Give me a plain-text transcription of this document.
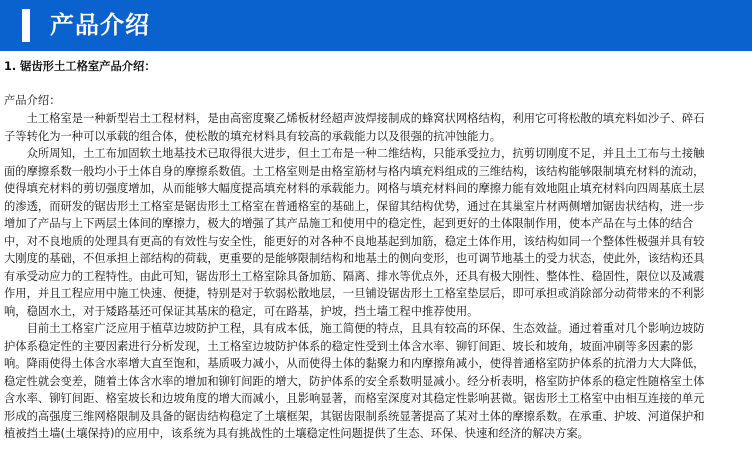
产品介绍
1. 锯齿形土工格室产品介绍：
产品介绍：
　　土工格室是一种新型岩土工程材料，是由高密度聚乙烯板材经超声波焊接制成的蜂窝状网格结构，利用它可将松散的填充料如沙子、碎石
子等转化为一种可以承载的组合体，使松散的填充材料具有较高的承载能力以及很强的抗冲蚀能力。
　　众所周知，土工布加固软土地基技术已取得很大进步，但土工布是一种二维结构，只能承受拉力，抗剪切刚度不足，并且土工布与土接触
面的摩擦系数一般均小于土体自身的摩擦系数值。土工格室则是由格室筋材与格内填充料组成的三维结构，该结构能够限制填充材料的流动，
使得填充材料的剪切强度增加，从而能够大幅度提高填充材料的承载能力。网格与填充材料间的摩擦力能有效地阻止填充材料向四周基底土层
的渗透，而研发的锯齿形土工格室是锯齿形土工格室在普通格室的基础上，保留其结构优势，通过在其巢室片材两侧增加锯齿状结构，进一步
增加了产品与上下两层土体间的摩擦力，极大的增强了其产品施工和使用中的稳定性，起到更好的土体限制作用，使本产品在与土体的结合
中，对不良地质的处理具有更高的有效性与安全性，能更好的对各种不良地基起到加筋，稳定土体作用，该结构如同一个整体性极强并具有较
大刚度的基础，不但承担上部结构的荷载，更重要的是能够限制结构和地基土的侧向变形，也可调节地基土的受力状态，使此外，该结构还具
有承受动应力的工程特性。由此可知，锯齿形土工格室除具备加筋、隔离、排水等优点外，还具有极大刚性、整体性、稳固性，限位以及减震
作用，并且工程应用中施工快速、便捷，特别是对于软弱松散地层，一旦铺设锯齿形土工格室垫层后，即可承担或消除部分动荷带来的不利影
响，稳固水土，对于矮路基还可保证其基床的稳定，可在路基，护坡，挡土墙工程中推荐使用。
　　目前土工格室广泛应用于植草边坡防护工程，具有成本低，施工简便的特点，且具有较高的环保、生态效益。通过着重对几个影响边坡防
护体系稳定性的主要因素进行分析发现，土工格室边坡防护体系的稳定性受到土体含水率、铆钉间距、坡长和坡角，坡面冲刷等多因素的影
响。降雨使得土体含水率增大直至饱和，基质吸力减小，从而使得土体的黏聚力和内摩擦角减小，使得普通格室防护体系的抗滑力大大降低，
稳定性就会变差，随着土体含水率的增加和铆钉间距的增大，防护体系的安全系数明显减小。经分析表明，格室防护体系的稳定性随格室土体
含水率、铆钉间距、格室坡长和边坡角度的增大而减小，且影响显著，而格室深度对其稳定性影响甚微。锯齿形土工格室中由相互连接的单元
形成的高强度三维网格限制及具备的锯齿结构稳定了土壤框架，其锯齿限制系统显著提高了某对土体的摩擦系数。在承重、护坡、河道保护和
植被挡土墙(土壤保持)的应用中，该系统为具有挑战性的土壤稳定性问题提供了生态、环保、快速和经济的解决方案。
